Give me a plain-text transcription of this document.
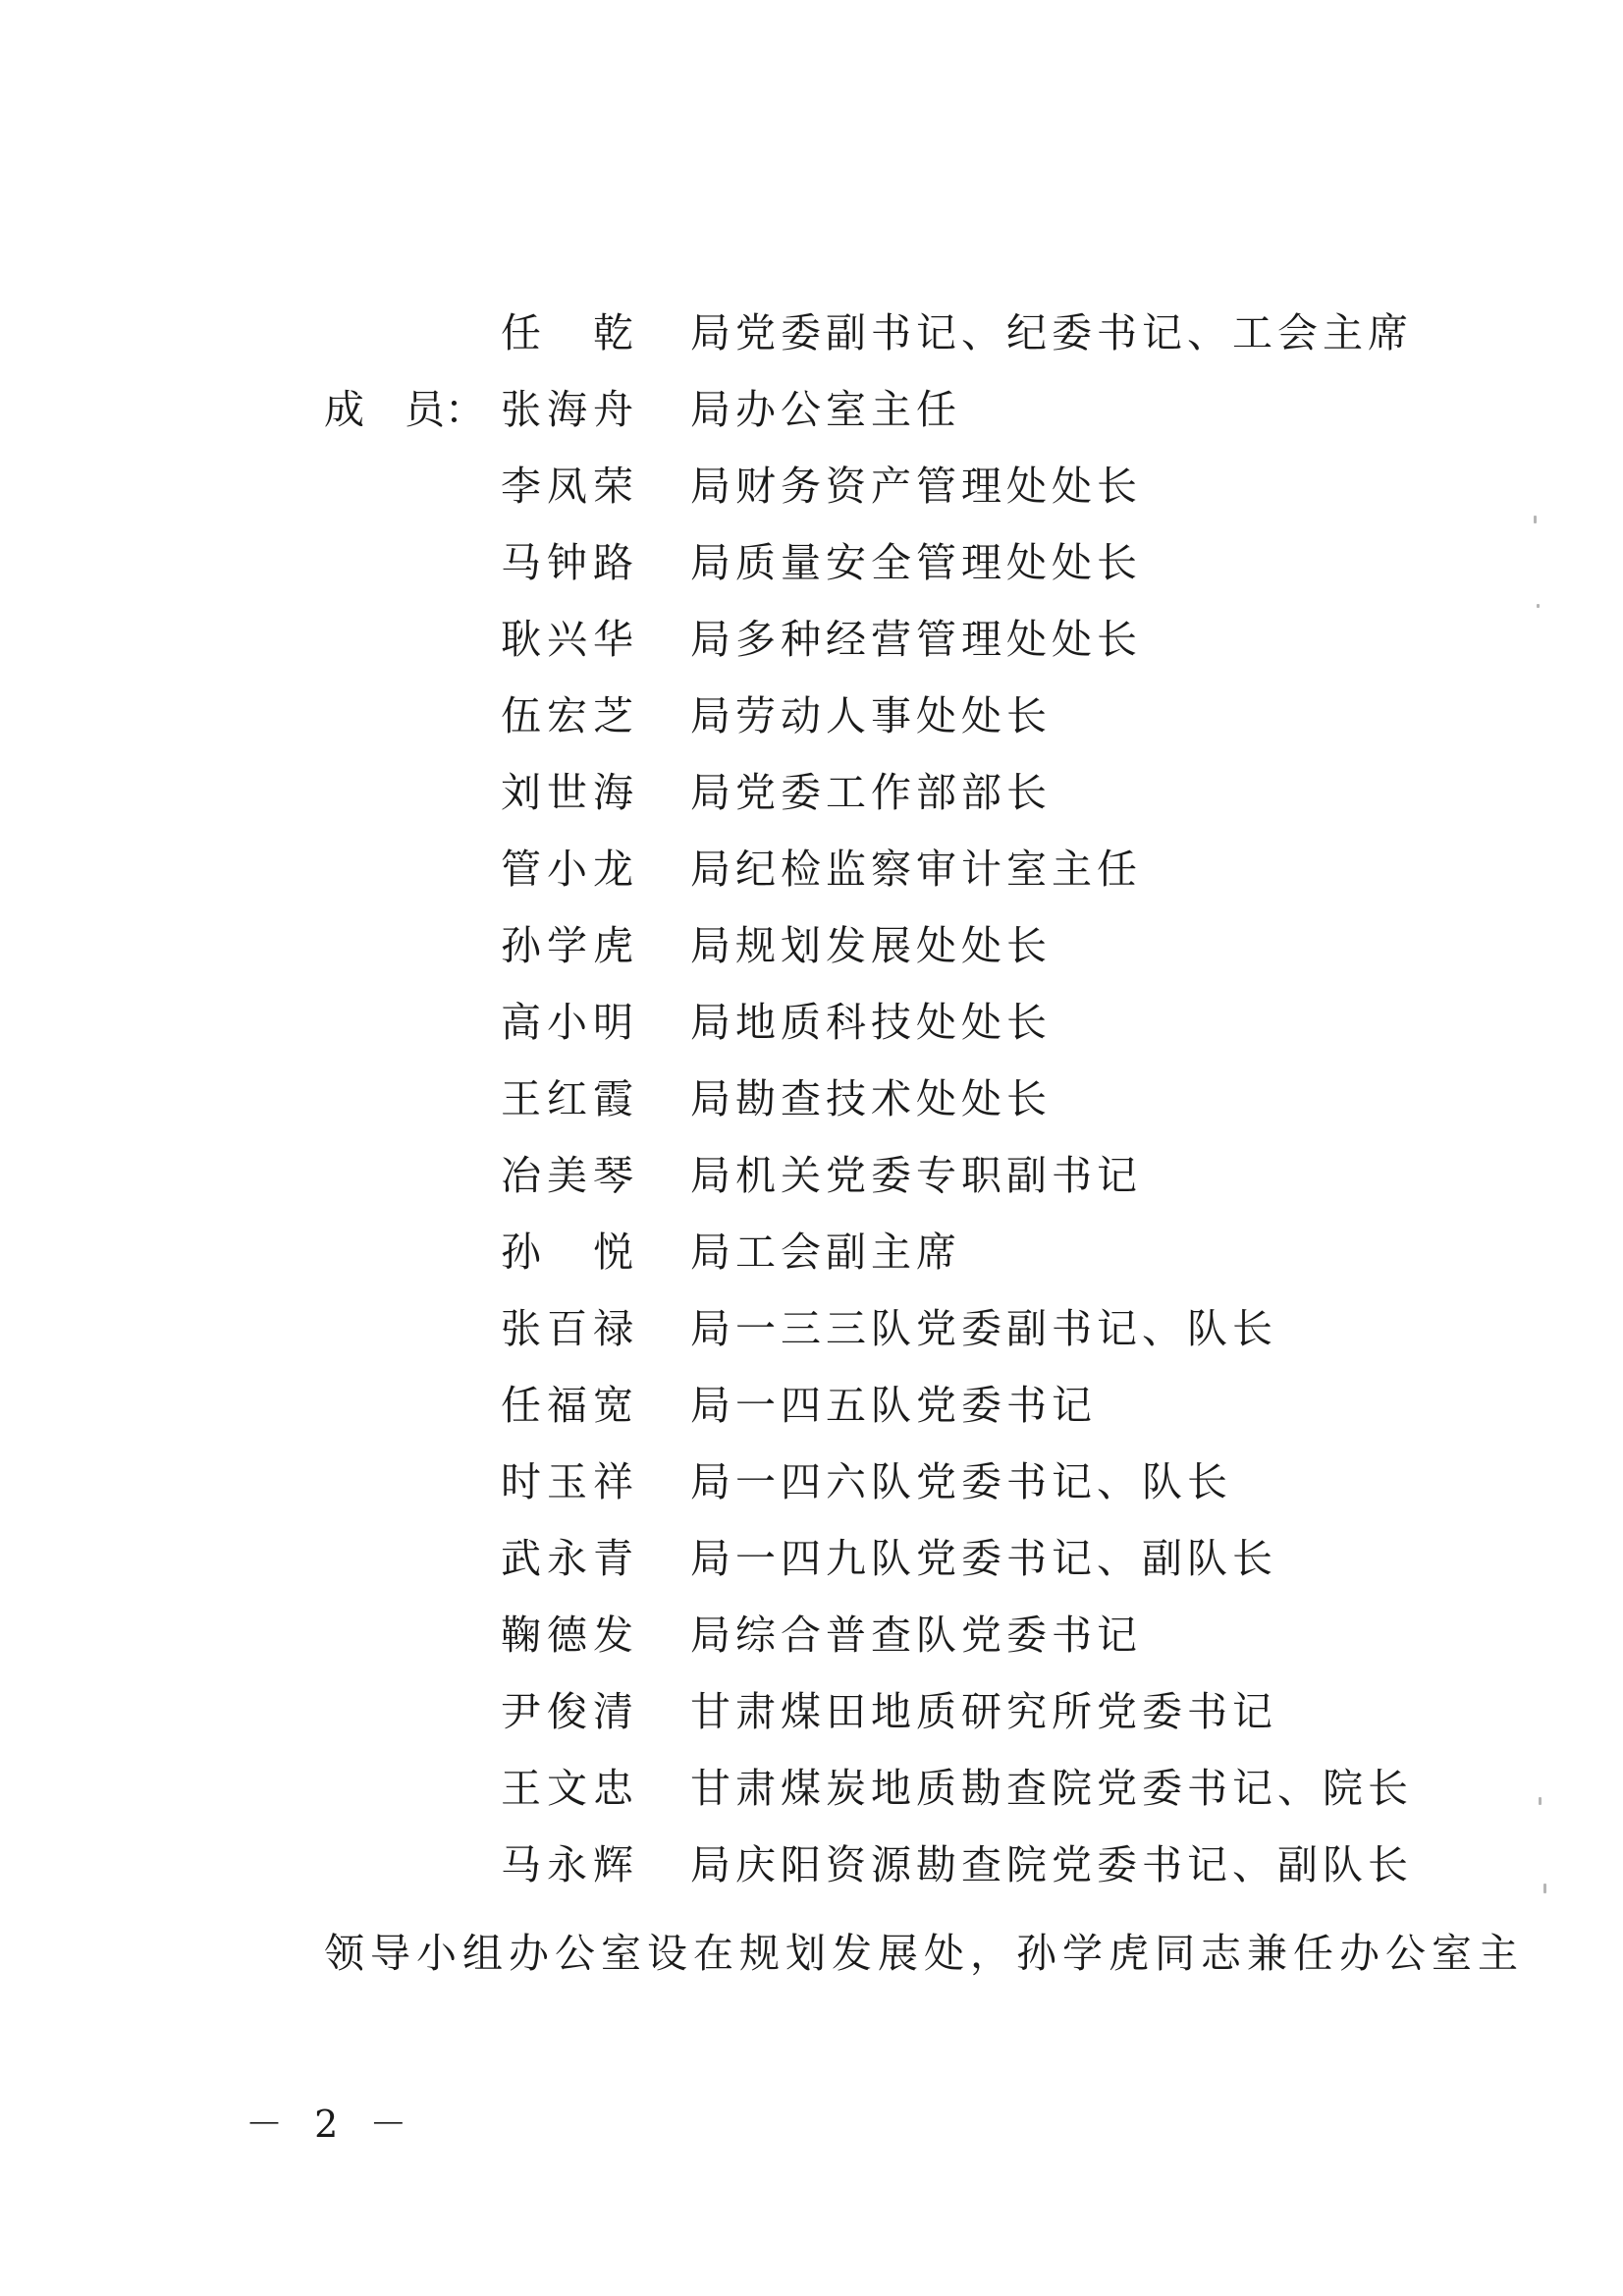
任　乾	局党委副书记、纪委书记、工会主席
成　员： 张海舟	局办公室主任
李凤荣	局财务资产管理处处长
马钟路	局质量安全管理处处长
耿兴华	局多种经营管理处处长
伍宏芝	局劳动人事处处长
刘世海	局党委工作部部长
管小龙	局纪检监察审计室主任
孙学虎	局规划发展处处长
高小明	局地质科技处处长
王红霞	局勘查技术处处长
冶美琴	局机关党委专职副书记
孙　悦	局工会副主席
张百禄	局一三三队党委副书记、队长
任福宽	局一四五队党委书记
时玉祥	局一四六队党委书记、队长
武永青	局一四九队党委书记、副队长
鞠德发	局综合普查队党委书记
尹俊清	甘肃煤田地质研究所党委书记
王文忠	甘肃煤炭地质勘查院党委书记、院长
马永辉	局庆阳资源勘查院党委书记、副队长
领导小组办公室设在规划发展处，孙学虎同志兼任办公室主
－ 2 －
